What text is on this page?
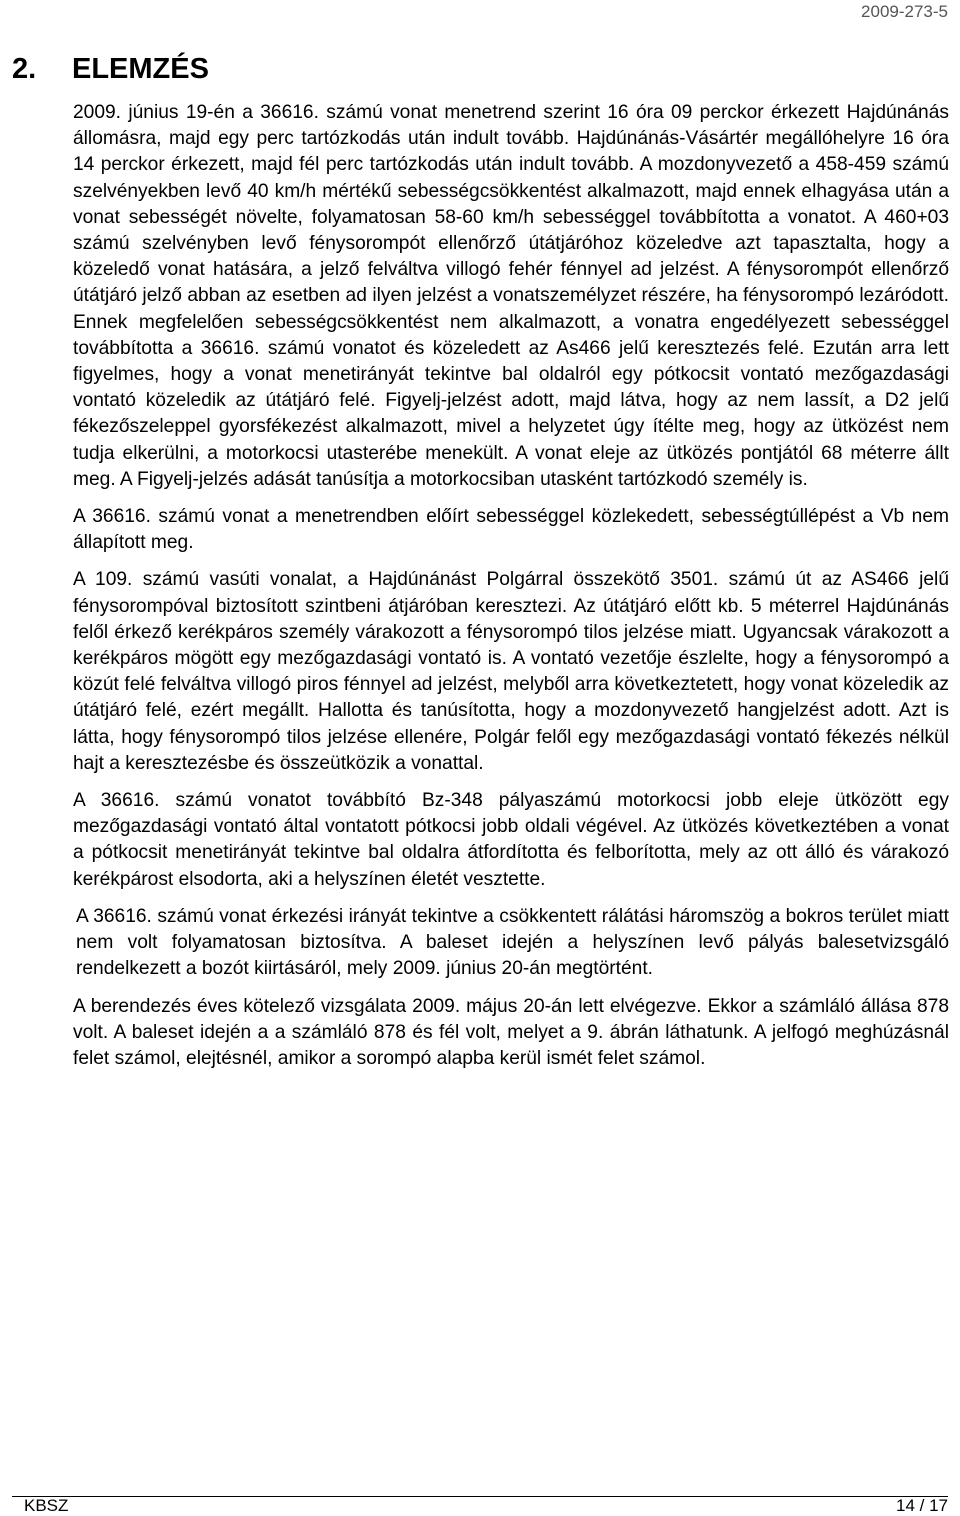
2009-273-5
2.	ELEMZÉS

2009. június 19-én a 36616. számú vonat menetrend szerint 16 óra 09 perckor érkezett Hajdúnánás állomásra, majd egy perc tartózkodás után indult tovább. Hajdúnánás-Vásártér megállóhelyre 16 óra 14 perckor érkezett, majd fél perc tartózkodás után indult tovább. A mozdonyvezető a 458-459 számú szelvényekben levő 40 km/h mértékű sebességcsökkentést alkalmazott, majd ennek elhagyása után a vonat sebességét növelte, folyamatosan 58-60 km/h sebességgel továbbította a vonatot. A 460+03 számú szelvényben levő fénysorompót ellenőrző útátjáróhoz közeledve azt tapasztalta, hogy a közeledő vonat hatására, a jelző felváltva villogó fehér fénnyel ad jelzést. A fénysorompót ellenőrző útátjáró jelző abban az esetben ad ilyen jelzést a vonatszemélyzet részére, ha fénysorompó lezáródott. Ennek megfelelően sebességcsökkentést nem alkalmazott, a vonatra engedélyezett sebességgel továbbította a 36616. számú vonatot és közeledett az As466 jelű keresztezés felé. Ezután arra lett figyelmes, hogy a vonat menetirányát tekintve bal oldalról egy pótkocsit vontató mezőgazdasági vontató közeledik az útátjáró felé. Figyelj-jelzést adott, majd látva, hogy az nem lassít, a D2 jelű fékezőszeleppel gyorsfékezést alkalmazott, mivel a helyzetet úgy ítélte meg, hogy az ütközést nem tudja elkerülni, a motorkocsi utasterébe menekült. A vonat eleje az ütközés pontjától 68 méterre állt meg. A Figyelj-jelzés adását tanúsítja a motorkocsiban utasként tartózkodó személy is.

A 36616. számú vonat a menetrendben előírt sebességgel közlekedett, sebességtúllépést a Vb nem állapított meg.

A 109. számú vasúti vonalat, a Hajdúnánást Polgárral összekötő 3501. számú út az AS466 jelű fénysorompóval biztosított szintbeni átjáróban keresztezi. Az útátjáró előtt kb. 5 méterrel Hajdúnánás felől érkező kerékpáros személy várakozott a fénysorompó tilos jelzése miatt. Ugyancsak várakozott a kerékpáros mögött egy mezőgazdasági vontató is. A vontató vezetője észlelte, hogy a fénysorompó a közút felé felváltva villogó piros fénnyel ad jelzést, melyből arra következtetett, hogy vonat közeledik az útátjáró felé, ezért megállt. Hallotta és tanúsította, hogy a mozdonyvezető hangjelzést adott. Azt is látta, hogy fénysorompó tilos jelzése ellenére, Polgár felől egy mezőgazdasági vontató fékezés nélkül hajt a keresztezésbe és összeütközik a vonattal.

A 36616. számú vonatot továbbító Bz-348 pályaszámú motorkocsi jobb eleje ütközött egy mezőgazdasági vontató által vontatott pótkocsi jobb oldali végével. Az ütközés következtében a vonat a pótkocsit menetirányát tekintve bal oldalra átfordította és felborította, mely az ott álló és várakozó kerékpárost elsodorta, aki a helyszínen életét vesztette.

A 36616. számú vonat érkezési irányát tekintve a csökkentett rálátási háromszög a bokros terület miatt nem volt folyamatosan biztosítva. A baleset idején a helyszínen levő pályás balesetvizsgáló rendelkezett a bozót kiirtásáról, mely 2009. június 20-án megtörtént.

A berendezés éves kötelező vizsgálata 2009. május 20-án lett elvégezve. Ekkor a számláló állása 878 volt. A baleset idején a a számláló 878 és fél volt, melyet a 9. ábrán láthatunk. A jelfogó meghúzásnál felet számol, elejtésnél, amikor a sorompó alapba kerül ismét felet számol.

KBSZ	14 / 17
